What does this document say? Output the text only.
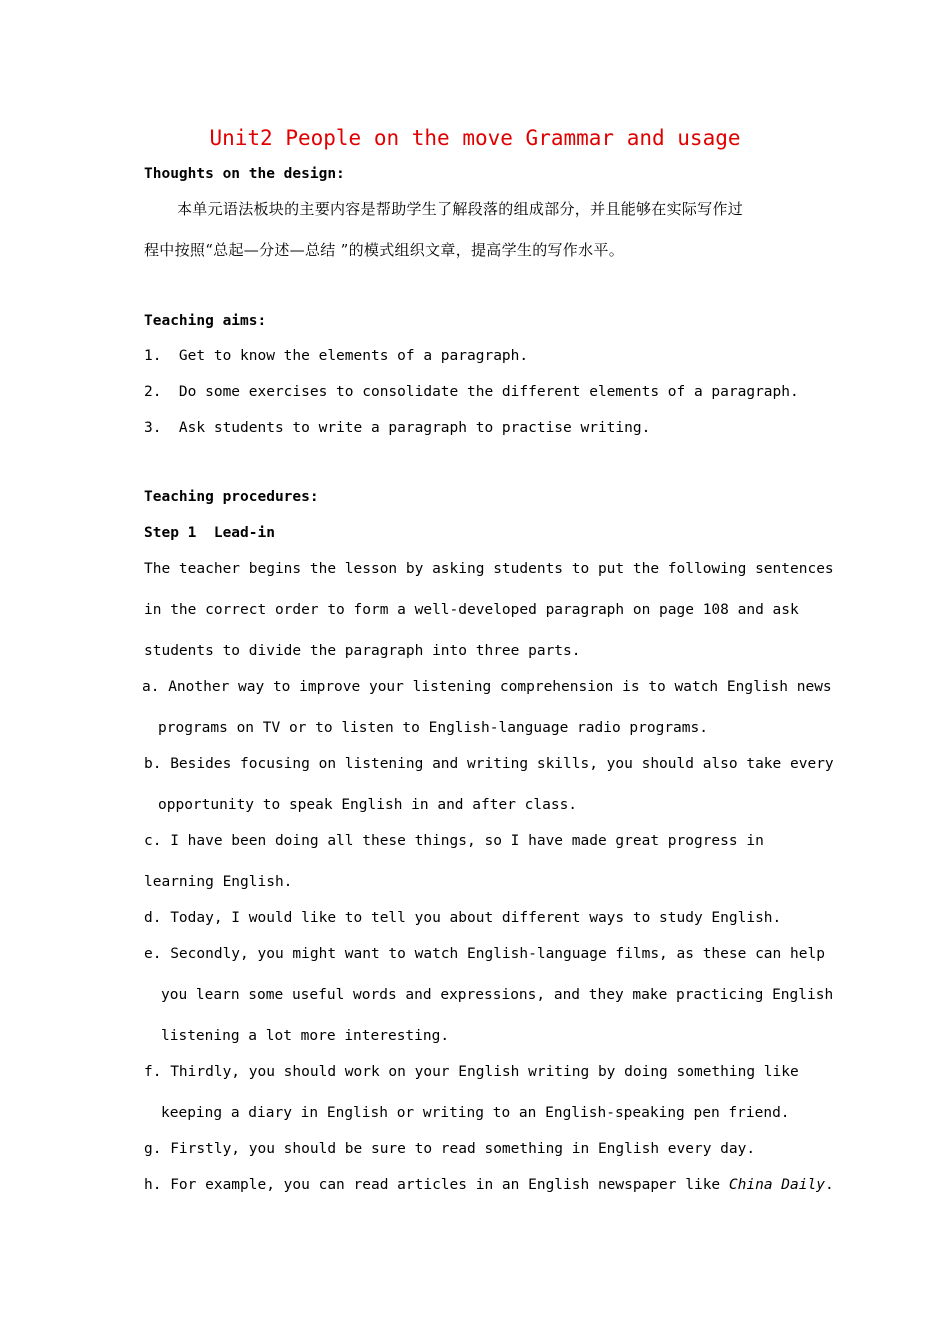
Unit2 People on the move Grammar and usage
Thoughts on the design:
本单元语法板块的主要内容是帮助学生了解段落的组成部分，并且能够在实际写作过
程中按照“总起—分述—总结 ”的模式组织文章，提高学生的写作水平。
Teaching aims:
1.  Get to know the elements of a paragraph.
2.  Do some exercises to consolidate the different elements of a paragraph.
3.  Ask students to write a paragraph to practise writing.
Teaching procedures:
Step 1  Lead-in
The teacher begins the lesson by asking students to put the following sentences
in the correct order to form a well-developed paragraph on page 108 and ask
students to divide the paragraph into three parts.
a. Another way to improve your listening comprehension is to watch English news
programs on TV or to listen to English-language radio programs.
b. Besides focusing on listening and writing skills, you should also take every
opportunity to speak English in and after class.
c. I have been doing all these things, so I have made great progress in
learning English.
d. Today, I would like to tell you about different ways to study English.
e. Secondly, you might want to watch English-language films, as these can help
you learn some useful words and expressions, and they make practicing English
listening a lot more interesting.
f. Thirdly, you should work on your English writing by doing something like
keeping a diary in English or writing to an English-speaking pen friend.
g. Firstly, you should be sure to read something in English every day.
h. For example, you can read articles in an English newspaper like China Daily.
